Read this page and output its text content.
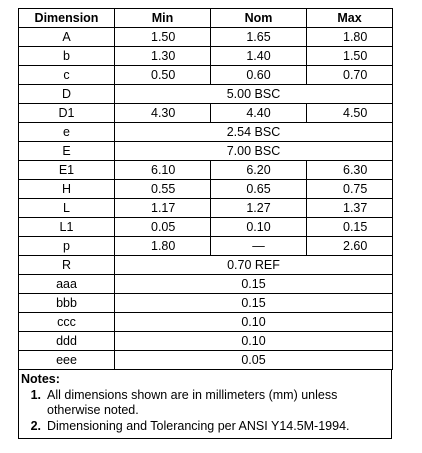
Dimension	Min	Nom	Max
A	1.50	1.65	1.80
b	1.30	1.40	1.50
c	0.50	0.60	0.70
D	5.00 BSC		
D1	4.30	4.40	4.50
e	2.54 BSC		
E	7.00 BSC		
E1	6.10	6.20	6.30
H	0.55	0.65	0.75
L	1.17	1.27	1.37
L1	0.05	0.10	0.15
p	1.80	—	2.60
R	0.70 REF		
aaa	0.15		
bbb	0.15		
ccc	0.10		
ddd	0.10		
eee	0.05		
Notes:
1. All dimensions shown are in millimeters (mm) unless otherwise noted.
2. Dimensioning and Tolerancing per ANSI Y14.5M-1994.
